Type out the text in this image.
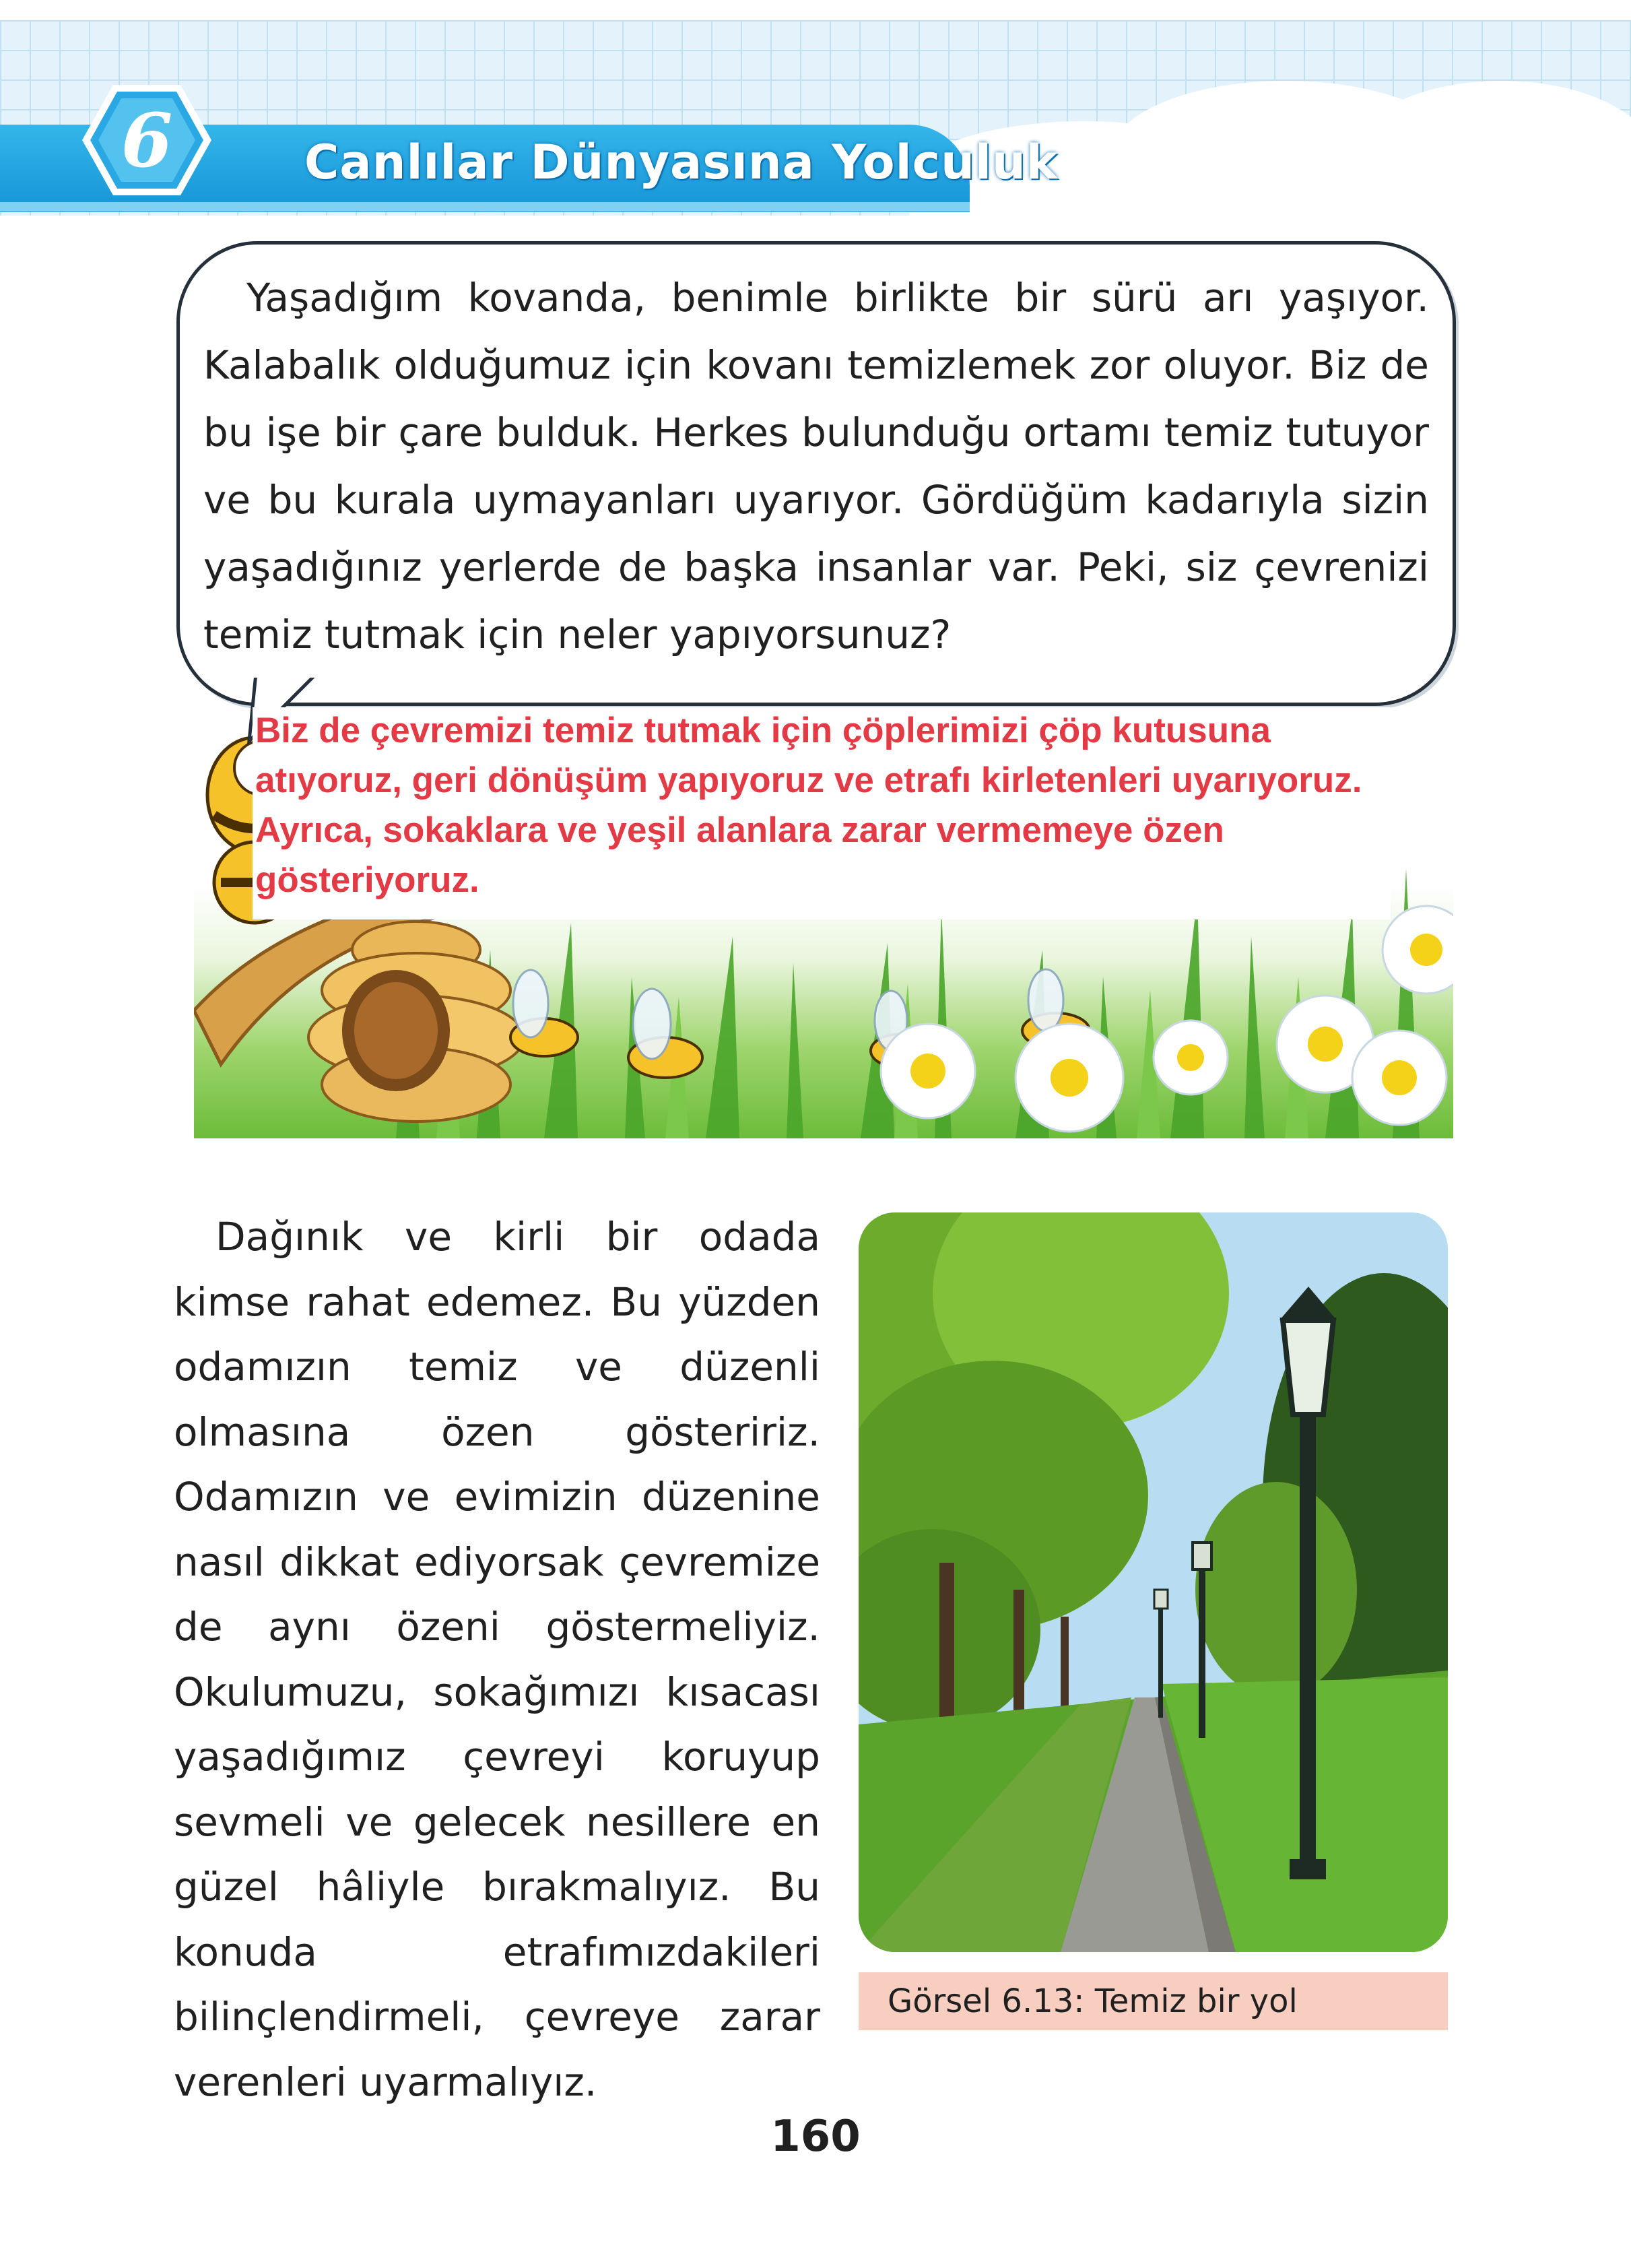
6	Canlılar Dünyasına Yolculuk

Yaşadığım kovanda, benimle birlikte bir sürü arı yaşıyor. Kalabalık olduğumuz için kovanı temizlemek zor oluyor. Biz de bu işe bir çare bulduk. Herkes bulunduğu ortamı temiz tutuyor ve bu kurala uymayanları uyarıyor. Gördüğüm kadarıyla sizin yaşadığınız yerlerde de başka insanlar var. Peki, siz çevrenizi temiz tutmak için neler yapıyorsunuz?

Biz de çevremizi temiz tutmak için çöplerimizi çöp kutusuna atıyoruz, geri dönüşüm yapıyoruz ve etrafı kirletenleri uyarıyoruz. Ayrıca, sokaklara ve yeşil alanlara zarar vermemeye özen gösteriyoruz.

Dağınık ve kirli bir odada kimse rahat edemez. Bu yüzden odamızın temiz ve düzenli olmasına özen gösteririz. Odamızın ve evimizin düzenine nasıl dikkat ediyorsak çevremize de aynı özeni göstermeliyiz. Okulumuzu, sokağımızı kısacası yaşadığımız çevreyi koruyup sevmeli ve gelecek nesillere en güzel hâliyle bırakmalıyız. Bu konuda etrafımızdakileri bilinçlendirmeli, çevreye zarar verenleri uyarmalıyız.

Görsel 6.13: Temiz bir yol

160
